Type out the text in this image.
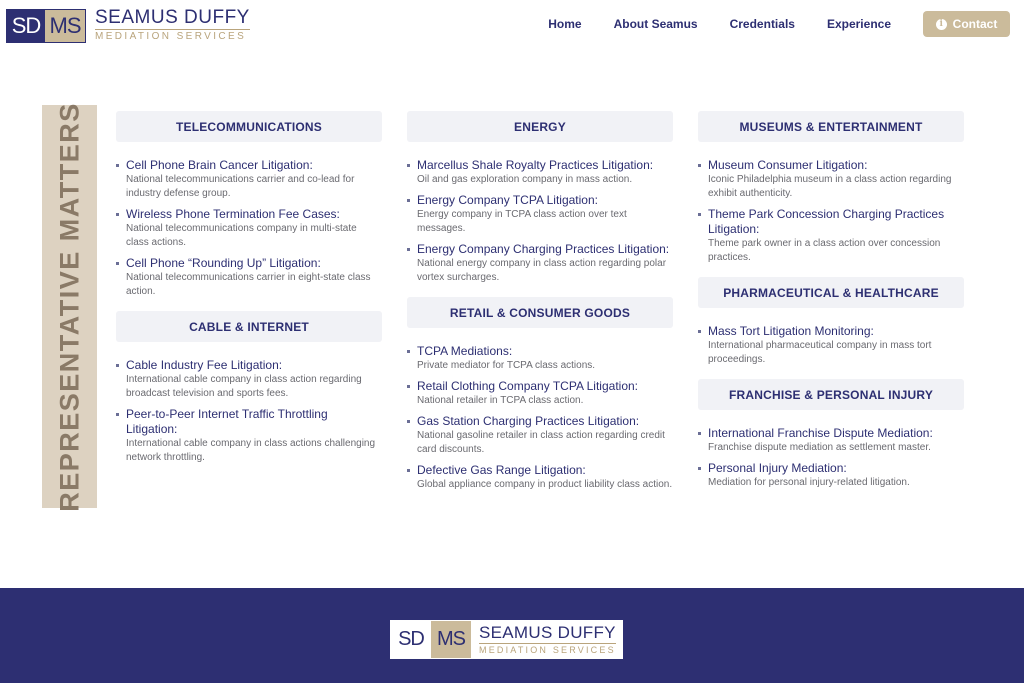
SD MS SEAMUS DUFFY
MEDIATION SERVICES
Home	About Seamus	Credentials	Experience	i Contact
REPRESENTATIVE MATTERS	TELECOMMUNICATIONS
Cell Phone Brain Cancer Litigation:
National telecommunications carrier and co-lead for industry defense group.
Wireless Phone Termination Fee Cases:
National telecommunications company in multi-state class actions.
Cell Phone “Rounding Up” Litigation:
National telecommunications carrier in eight-state class action.
CABLE & INTERNET
Cable Industry Fee Litigation:
International cable company in class action regarding broadcast television and sports fees.
Peer-to-Peer Internet Traffic Throttling Litigation:
International cable company in class actions challenging network throttling.
ENERGY
Marcellus Shale Royalty Practices Litigation:
Oil and gas exploration company in mass action.
Energy Company TCPA Litigation:
Energy company in TCPA class action over text messages.
Energy Company Charging Practices Litigation:
National energy company in class action regarding polar vortex surcharges.
RETAIL & CONSUMER GOODS
TCPA Mediations:
Private mediator for TCPA class actions.
Retail Clothing Company TCPA Litigation:
National retailer in TCPA class action.
Gas Station Charging Practices Litigation:
National gasoline retailer in class action regarding credit card discounts.
Defective Gas Range Litigation:
Global appliance company in product liability class action.
MUSEUMS & ENTERTAINMENT
Museum Consumer Litigation:
Iconic Philadelphia museum in a class action regarding exhibit authenticity.
Theme Park Concession Charging Practices Litigation:
Theme park owner in a class action over concession practices.
PHARMACEUTICAL & HEALTHCARE
Mass Tort Litigation Monitoring:
International pharmaceutical company in mass tort proceedings.
FRANCHISE & PERSONAL INJURY
International Franchise Dispute Mediation:
Franchise dispute mediation as settlement master.
Personal Injury Mediation:
Mediation for personal injury-related litigation.
SD MS SEAMUS DUFFY
MEDIATION SERVICES
